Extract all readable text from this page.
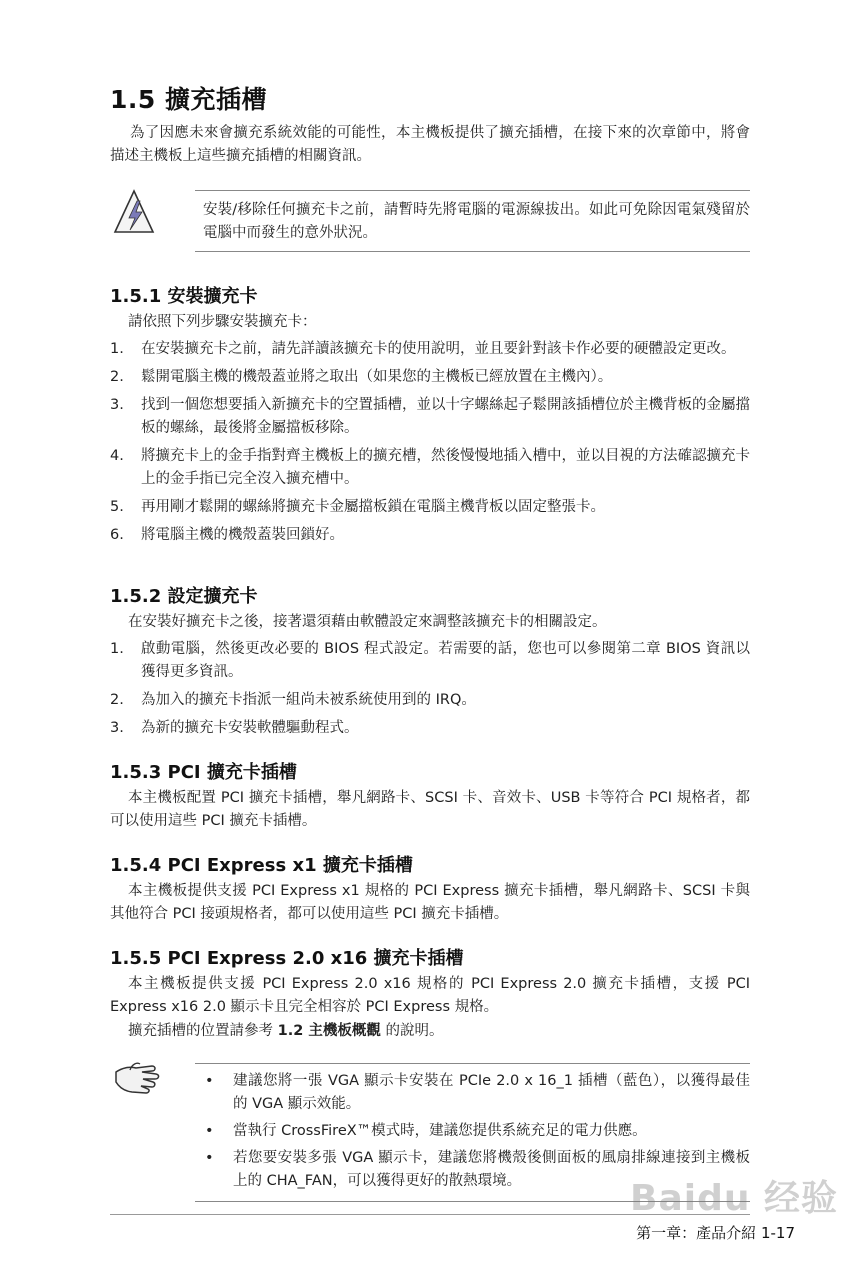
1.5 擴充插槽
為了因應未來會擴充系統效能的可能性，本主機板提供了擴充插槽，在接下來的次章節中，將會描述主機板上這些擴充插槽的相關資訊。
安裝/移除任何擴充卡之前，請暫時先將電腦的電源線拔出。如此可免除因電氣殘留於電腦中而發生的意外狀況。
1.5.1 安裝擴充卡
請依照下列步驟安裝擴充卡：
1. 在安裝擴充卡之前，請先詳讀該擴充卡的使用說明，並且要針對該卡作必要的硬體設定更改。
2. 鬆開電腦主機的機殼蓋並將之取出（如果您的主機板已經放置在主機內）。
3. 找到一個您想要插入新擴充卡的空置插槽，並以十字螺絲起子鬆開該插槽位於主機背板的金屬擋板的螺絲，最後將金屬擋板移除。
4. 將擴充卡上的金手指對齊主機板上的擴充槽，然後慢慢地插入槽中，並以目視的方法確認擴充卡上的金手指已完全沒入擴充槽中。
5. 再用剛才鬆開的螺絲將擴充卡金屬擋板鎖在電腦主機背板以固定整張卡。
6. 將電腦主機的機殼蓋裝回鎖好。
1.5.2 設定擴充卡
在安裝好擴充卡之後，接著還須藉由軟體設定來調整該擴充卡的相關設定。
1. 啟動電腦，然後更改必要的 BIOS 程式設定。若需要的話，您也可以參閱第二章 BIOS 資訊以獲得更多資訊。
2. 為加入的擴充卡指派一組尚未被系統使用到的 IRQ。
3. 為新的擴充卡安裝軟體驅動程式。
1.5.3 PCI 擴充卡插槽
本主機板配置 PCI 擴充卡插槽，舉凡網路卡、SCSI 卡、音效卡、USB 卡等符合 PCI 規格者，都可以使用這些 PCI 擴充卡插槽。
1.5.4 PCI Express x1 擴充卡插槽
本主機板提供支援 PCI Express x1 規格的 PCI Express 擴充卡插槽，舉凡網路卡、SCSI 卡與其他符合 PCI 接頭規格者，都可以使用這些 PCI 擴充卡插槽。
1.5.5 PCI Express 2.0 x16 擴充卡插槽
本主機板提供支援 PCI Express 2.0 x16 規格的 PCI Express 2.0 擴充卡插槽，支援 PCI Express x16 2.0 顯示卡且完全相容於 PCI Express 規格。
擴充插槽的位置請參考 1.2 主機板概觀 的說明。
• 建議您將一張 VGA 顯示卡安裝在 PCIe 2.0 x 16_1 插槽（藍色），以獲得最佳的 VGA 顯示效能。
• 當執行 CrossFireX™模式時，建議您提供系統充足的電力供應。
• 若您要安裝多張 VGA 顯示卡，建議您將機殼後側面板的風扇排線連接到主機板上的 CHA_FAN，可以獲得更好的散熱環境。
第一章：產品介紹 1-17
Baidu 经验
